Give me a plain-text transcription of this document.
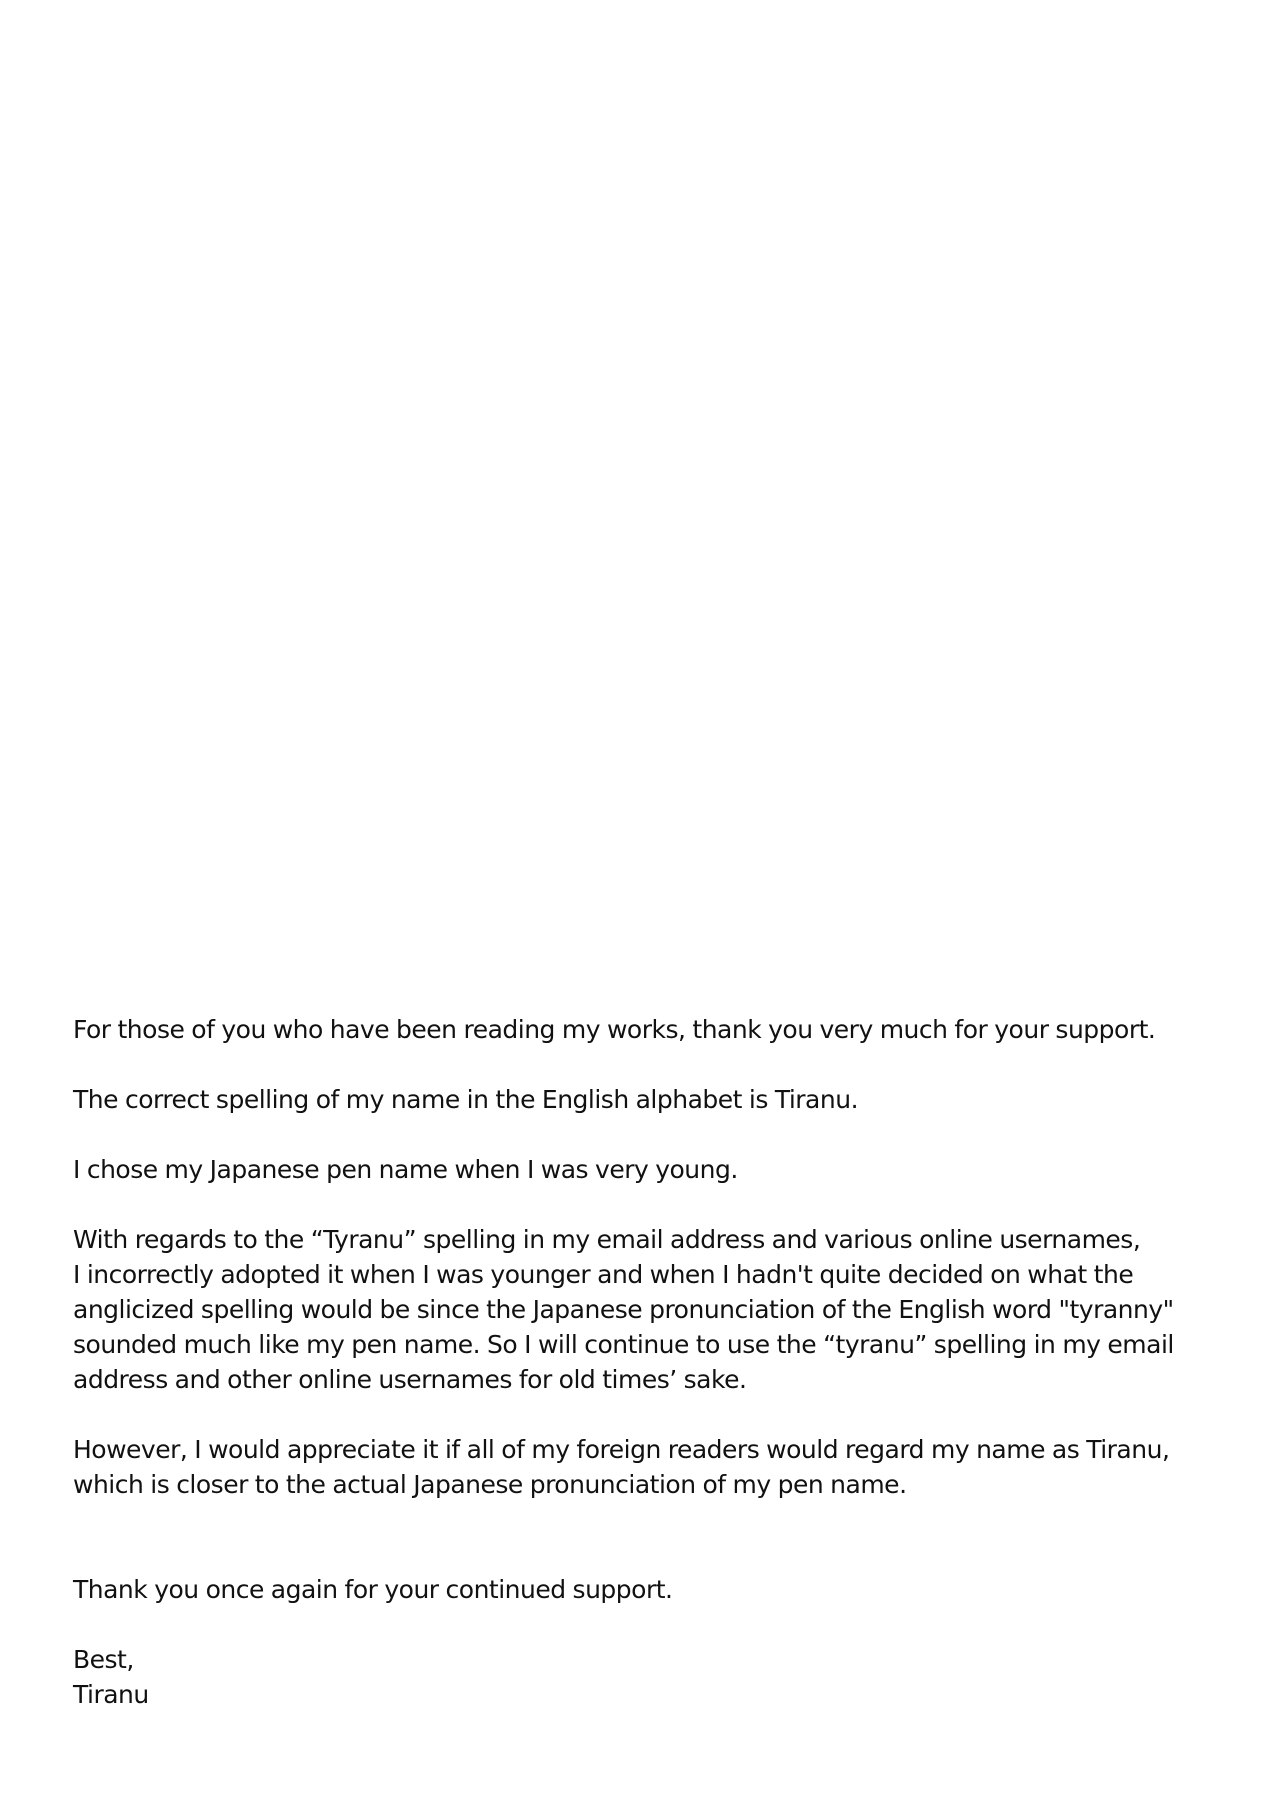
For those of you who have been reading my works, thank you very much for your support.
The correct spelling of my name in the English alphabet is Tiranu.
I chose my Japanese pen name when I was very young.
With regards to the “Tyranu” spelling in my email address and various online usernames,
I incorrectly adopted it when I was younger and when I hadn't quite decided on what the
anglicized spelling would be since the Japanese pronunciation of the English word "tyranny"
sounded much like my pen name. So I will continue to use the “tyranu” spelling in my email
address and other online usernames for old times’ sake.
However, I would appreciate it if all of my foreign readers would regard my name as Tiranu,
which is closer to the actual Japanese pronunciation of my pen name.
Thank you once again for your continued support.
Best,
Tiranu
